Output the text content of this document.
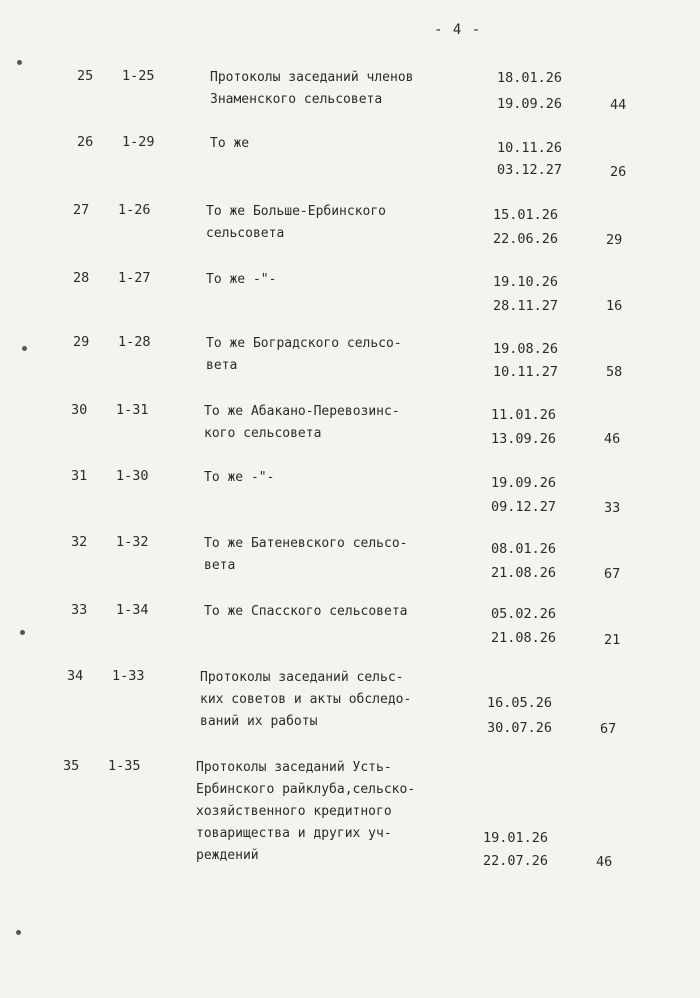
- 4 -
25 1-25	Протоколы заседаний членов
Знаменского сельсовета
18.01.26
19.09.26	44
26 1-29	То же	10.11.26
03.12.27	26
27 1-26	То же Больше-Ербинского
сельсовета
15.01.26
22.06.26	29
28 1-27	То же -"-	19.10.26
28.11.27	16
29 1-28	То же Боградского сельсо-
вета
19.08.26
10.11.27	58
30 1-31	То же Абакано-Перевозинс-
кого сельсовета
11.01.26
13.09.26	46
31 1-30	То же -"-	19.09.26
09.12.27	33
32 1-32	То же Батеневского сельсо-
вета
08.01.26
21.08.26	67
33 1-34	То же Спасского сельсовета	05.02.26
21.08.26	21
34 1-33	Протоколы заседаний сельс-
ких советов и акты обследо-
ваний их работы
16.05.26
30.07.26	67
35 1-35	Протоколы заседаний Усть-
Ербинского райклуба,сельско-
хозяйственного кредитного
товарищества и других уч-
реждений
19.01.26
22.07.26	46
